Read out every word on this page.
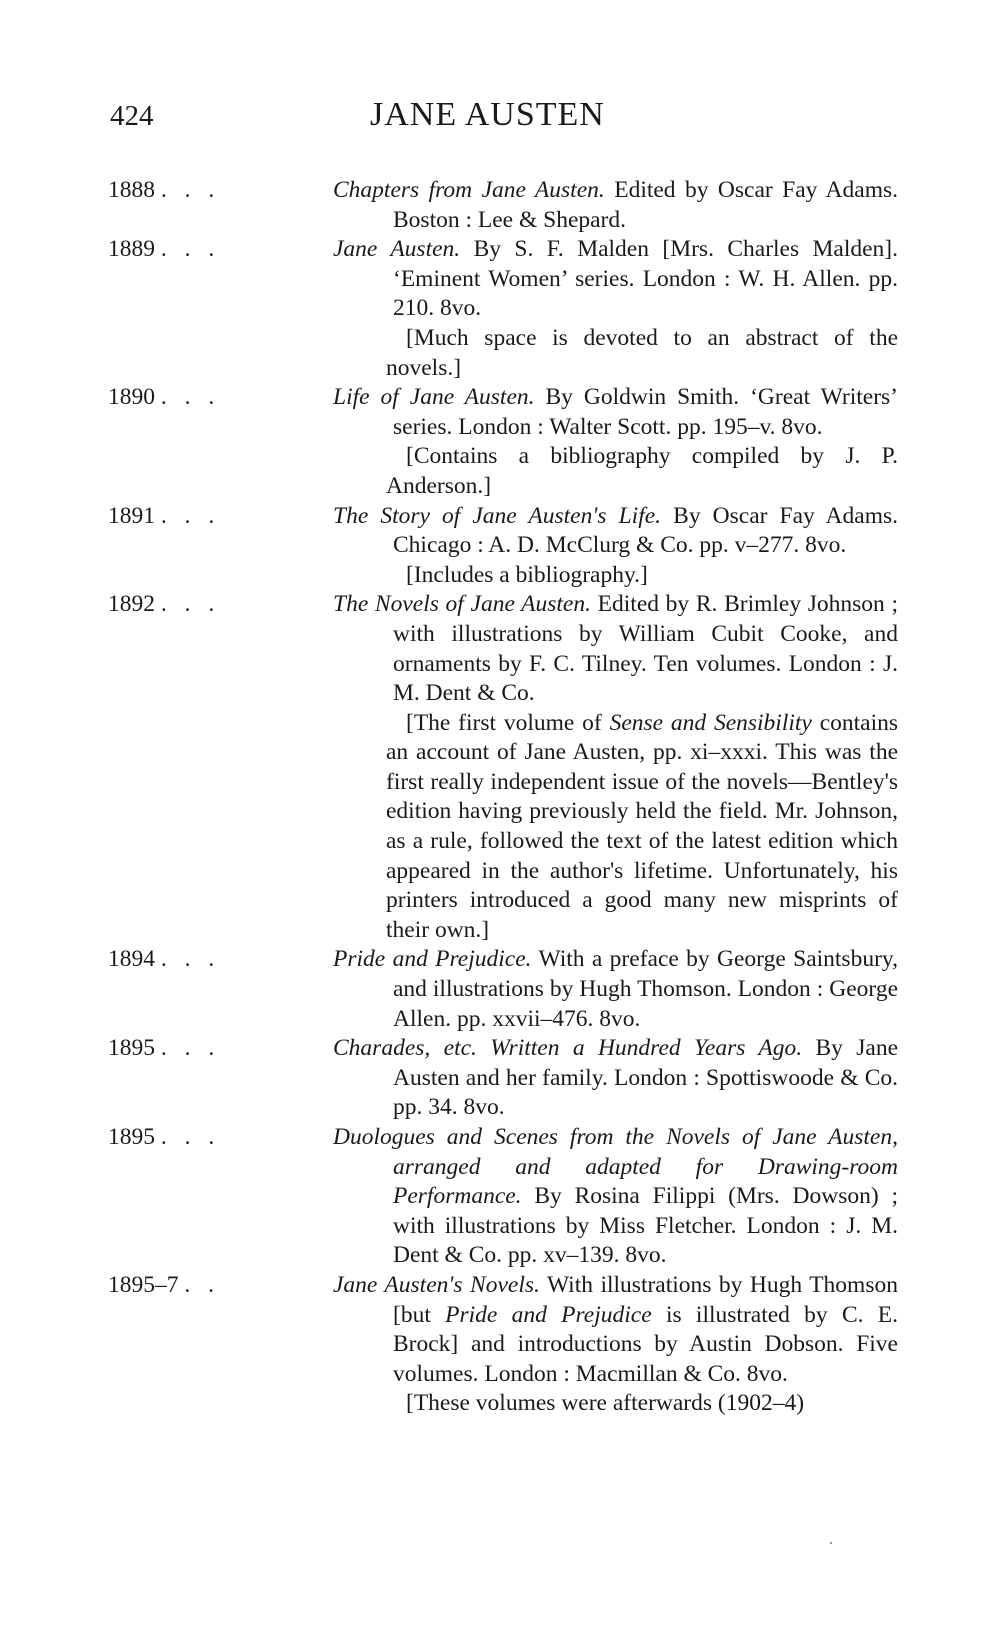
424	JANE AUSTEN
1888 . . .	Chapters from Jane Austen. Edited by Oscar Fay Adams. Boston : Lee & Shepard.
1889 . . .	Jane Austen. By S. F. Malden [Mrs. Charles Malden]. ‘Eminent Women’ series. London : W. H. Allen. pp. 210. 8vo.
[Much space is devoted to an abstract of the novels.]
1890 . . .	Life of Jane Austen. By Goldwin Smith. ‘Great Writers’ series. London : Walter Scott. pp. 195–v. 8vo.
[Contains a bibliography compiled by J. P. Anderson.]
1891 . . .	The Story of Jane Austen's Life. By Oscar Fay Adams. Chicago : A. D. McClurg & Co. pp. v–277. 8vo.
[Includes a bibliography.]
1892 . . .	The Novels of Jane Austen. Edited by R. Brimley Johnson ; with illustrations by William Cubit Cooke, and ornaments by F. C. Tilney. Ten volumes. London : J. M. Dent & Co.
[The first volume of Sense and Sensibility contains an account of Jane Austen, pp. xi–xxxi. This was the first really independent issue of the novels—Bentley's edition having previously held the field. Mr. Johnson, as a rule, followed the text of the latest edition which appeared in the author's lifetime. Unfortunately, his printers introduced a good many new misprints of their own.]
1894 . . .	Pride and Prejudice. With a preface by George Saintsbury, and illustrations by Hugh Thomson. London : George Allen. pp. xxvii–476. 8vo.
1895 . . .	Charades, etc. Written a Hundred Years Ago. By Jane Austen and her family. London : Spottiswoode & Co. pp. 34. 8vo.
1895 . . .	Duologues and Scenes from the Novels of Jane Austen, arranged and adapted for Drawing-room Performance. By Rosina Filippi (Mrs. Dowson) ; with illustrations by Miss Fletcher. London : J. M. Dent & Co. pp. xv–139. 8vo.
1895–7 . .	Jane Austen's Novels. With illustrations by Hugh Thomson [but Pride and Prejudice is illustrated by C. E. Brock] and introductions by Austin Dobson. Five volumes. London : Macmillan & Co. 8vo.
[These volumes were afterwards (1902–4)
